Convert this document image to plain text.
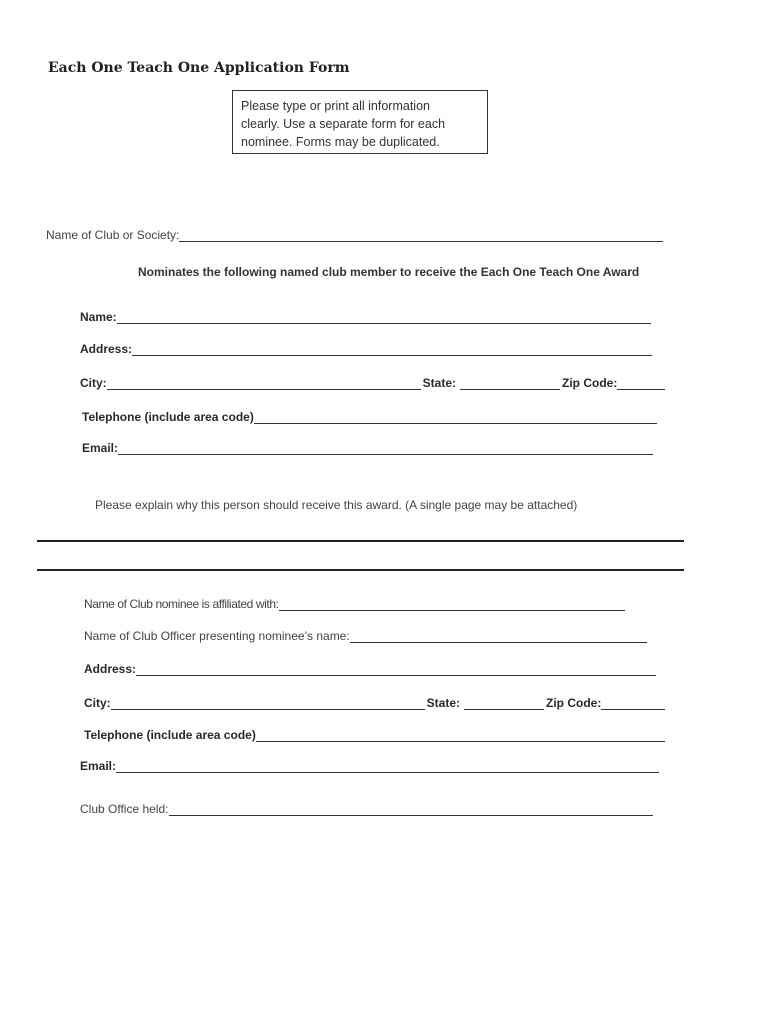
Each One Teach One Application Form
Please type or print all information
clearly. Use a separate form for each
nominee. Forms may be duplicated.
Name of Club or Society:
Nominates the following named club member to receive the Each One Teach One Award
Name:
Address:
City:	State:	Zip Code:
Telephone (include area code)
Email:
Please explain why this person should receive this award. (A single page may be attached)
Name of Club nominee is affiliated with:
Name of Club Officer presenting nominee’s name:
Address:
City:	State:	Zip Code:
Telephone (include area code)
Email:
Club Office held:
